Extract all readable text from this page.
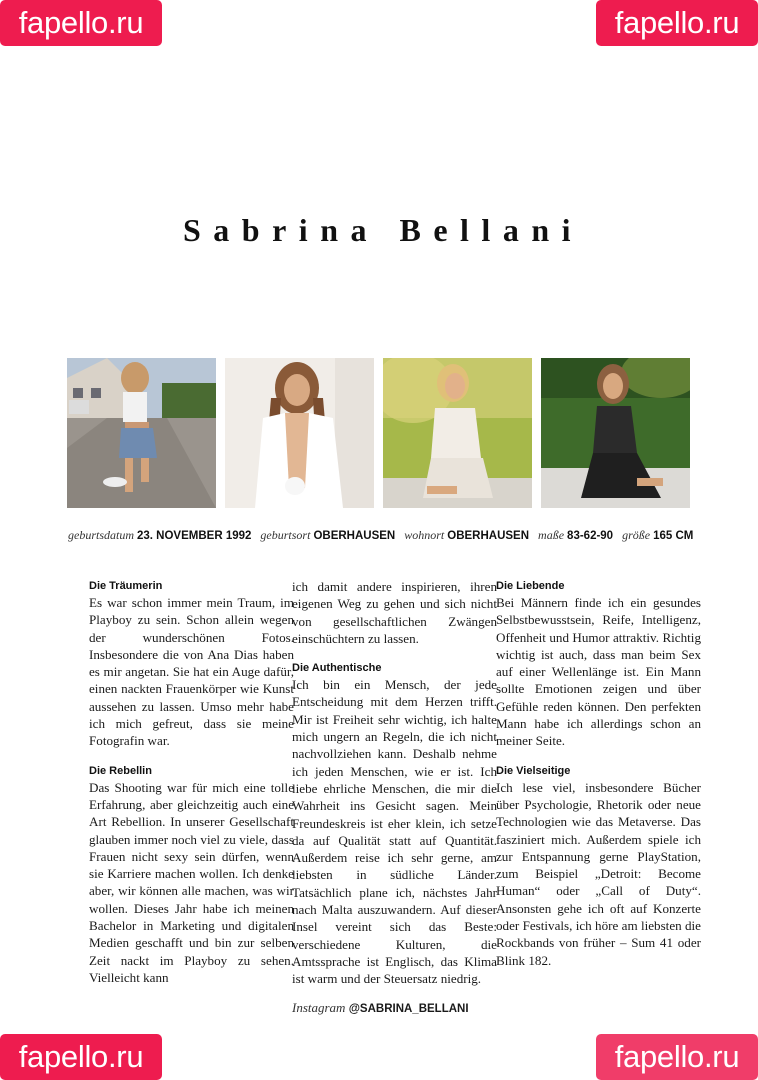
fapello.ru	fapello.ru
fapello.ru	fapello.ru
Sabrina Bellani
geburtsdatum 23. NOVEMBER 1992 geburtsort OBERHAUSEN wohnort OBERHAUSEN maße 83-62-90 größe 165 CM
Die Träumerin

Es war schon immer mein Traum, im Playboy zu sein. Schon allein wegen der wunderschönen Fotos. Insbesondere die von Ana Dias haben es mir angetan. Sie hat ein Auge dafür, einen nackten Frauenkörper wie Kunst aussehen zu lassen. Umso mehr habe ich mich gefreut, dass sie meine Fotografin war.

Die Rebellin

Das Shooting war für mich eine tolle Erfahrung, aber gleichzeitig auch eine Art Rebellion. In unserer Gesellschaft glauben immer noch viel zu viele, dass Frauen nicht sexy sein dürfen, wenn sie Karriere machen wollen. Ich denke aber, wir können alle machen, was wir wollen. Dieses Jahr habe ich meinen Bachelor in Marketing und digitalen Medien geschafft und bin zur selben Zeit nackt im Playboy zu sehen. Vielleicht kann

ich damit andere inspirieren, ihren eigenen Weg zu gehen und sich nicht von gesellschaftlichen Zwängen einschüchtern zu lassen.

Die Authentische

Ich bin ein Mensch, der jede Entscheidung mit dem Herzen trifft. Mir ist Freiheit sehr wichtig, ich halte mich ungern an Regeln, die ich nicht nachvollziehen kann. Deshalb nehme ich jeden Menschen, wie er ist. Ich liebe ehrliche Menschen, die mir die Wahrheit ins Gesicht sagen. Mein Freundeskreis ist eher klein, ich setze da auf Qualität statt auf Quantität. Außerdem reise ich sehr gerne, am liebsten in südliche Länder. Tatsächlich plane ich, nächstes Jahr nach Malta auszuwandern. Auf dieser Insel vereint sich das Beste: verschiedene Kulturen, die Amtssprache ist Englisch, das Klima ist warm und der Steuersatz niedrig.

Die Liebende

Bei Männern finde ich ein gesundes Selbstbewusstsein, Reife, Intelligenz, Offenheit und Humor attraktiv. Richtig wichtig ist auch, dass man beim Sex auf einer Wellenlänge ist. Ein Mann sollte Emotionen zeigen und über Gefühle reden können. Den perfekten Mann habe ich allerdings schon an meiner Seite.

Die Vielseitige

Ich lese viel, insbesondere Bücher über Psychologie, Rhetorik oder neue Technologien wie das Metaverse. Das fasziniert mich. Außerdem spiele ich zur Entspannung gerne PlayStation, zum Beispiel „Detroit: Become Human“ oder „Call of Duty“. Ansonsten gehe ich oft auf Konzerte oder Festivals, ich höre am liebsten die Rockbands von früher – Sum 41 oder Blink 182.

Instagram @SABRINA_BELLANI
